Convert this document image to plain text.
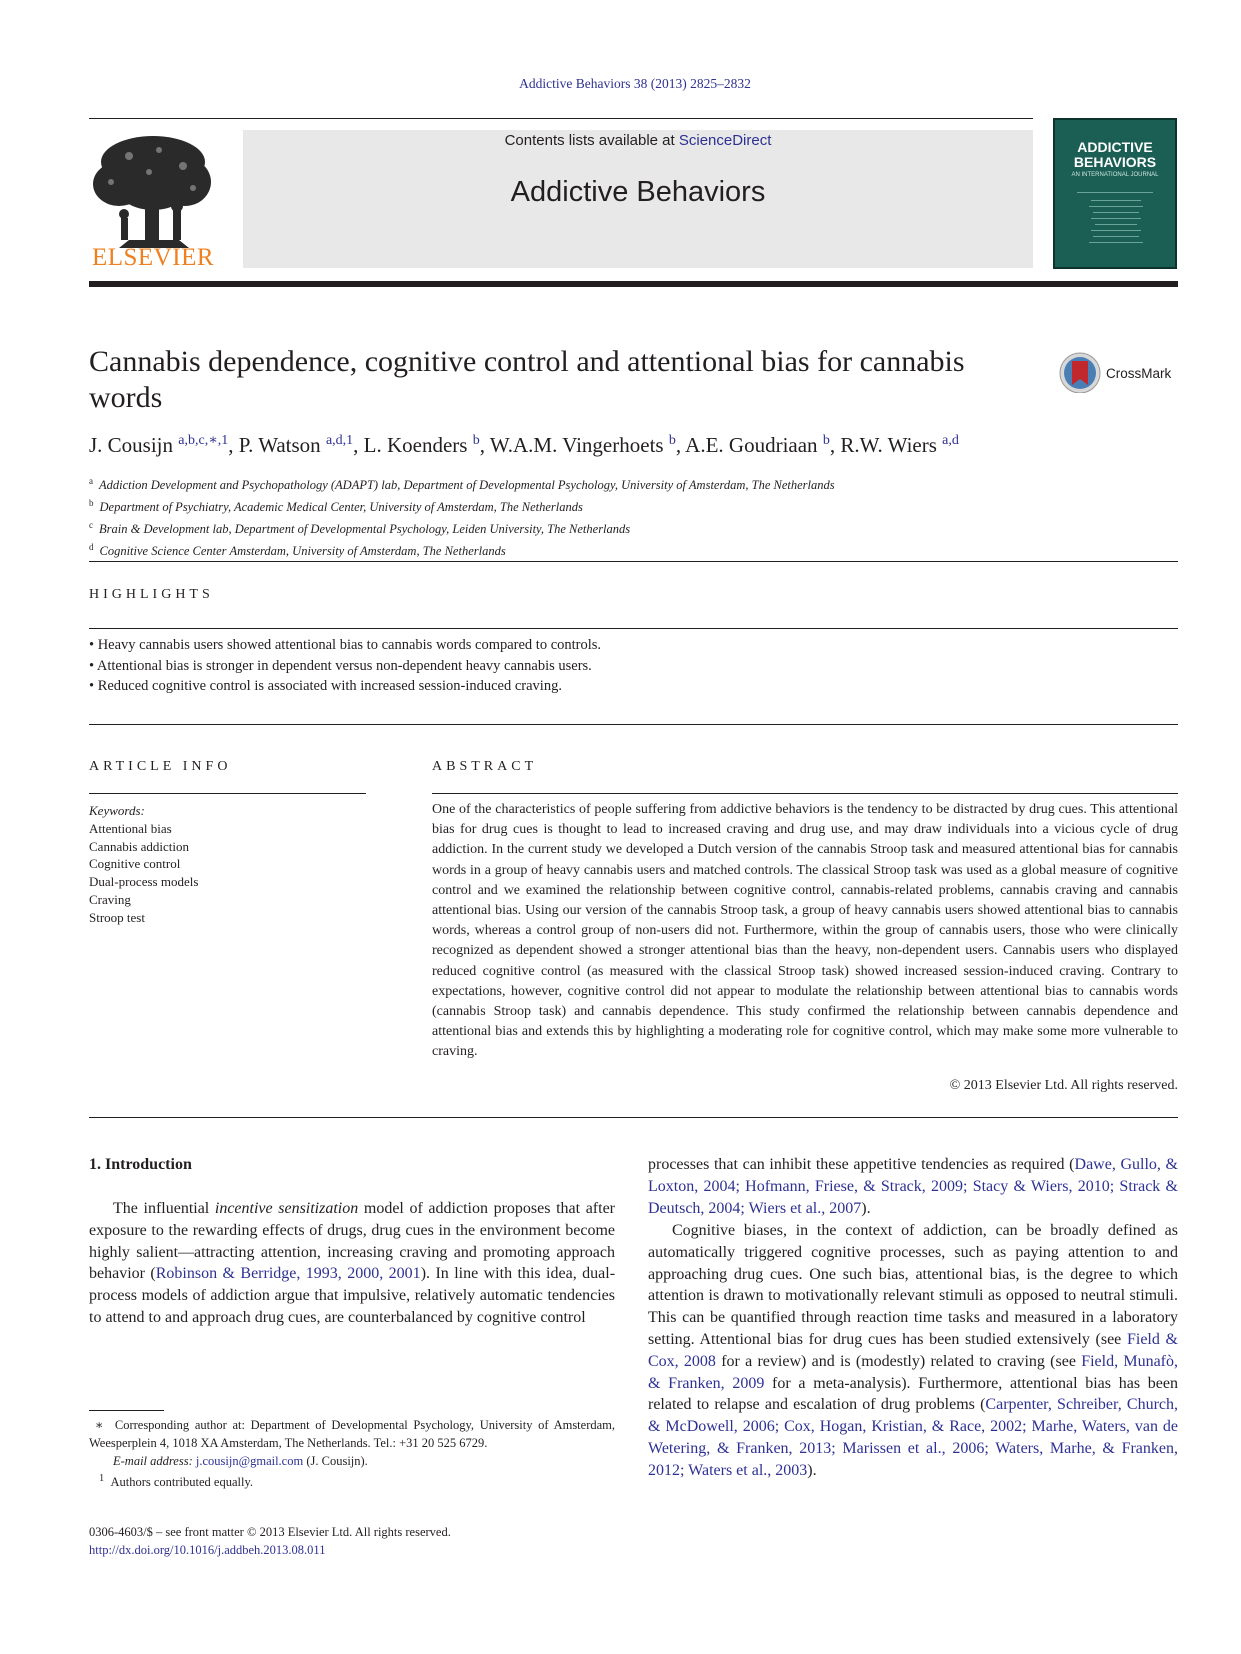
Addictive Behaviors 38 (2013) 2825–2832
ELSEVIER
Contents lists available at ScienceDirect
Addictive Behaviors
ADDICTIVE
BEHAVIORS
AN INTERNATIONAL JOURNAL
Cannabis dependence, cognitive control and attentional bias for cannabis words
CrossMark
J. Cousijn $^{a,b,c,∗,1}$, P. Watson $^{a,d,1}$, L. Koenders $^b$, W.A.M. Vingerhoets $^b$, A.E. Goudriaan $^b$, R.W. Wiers $^{a,d}$
$^a$ Addiction Development and Psychopathology (ADAPT) lab, Department of Developmental Psychology, University of Amsterdam, The Netherlands
$^b$ Department of Psychiatry, Academic Medical Center, University of Amsterdam, The Netherlands
$^c$ Brain & Development lab, Department of Developmental Psychology, Leiden University, The Netherlands
$^d$ Cognitive Science Center Amsterdam, University of Amsterdam, The Netherlands
HIGHLIGHTS
• Heavy cannabis users showed attentional bias to cannabis words compared to controls.
• Attentional bias is stronger in dependent versus non-dependent heavy cannabis users.
• Reduced cognitive control is associated with increased session-induced craving.
ARTICLE INFO
Keywords:
Attentional bias
Cannabis addiction
Cognitive control
Dual-process models
Craving
Stroop test
ABSTRACT
One of the characteristics of people suffering from addictive behaviors is the tendency to be distracted by drug cues. This attentional bias for drug cues is thought to lead to increased craving and drug use, and may draw individuals into a vicious cycle of drug addiction. In the current study we developed a Dutch version of the cannabis Stroop task and measured attentional bias for cannabis words in a group of heavy cannabis users and matched controls. The classical Stroop task was used as a global measure of cognitive control and we examined the relationship between cognitive control, cannabis-related problems, cannabis craving and cannabis attentional bias. Using our version of the cannabis Stroop task, a group of heavy cannabis users showed attentional bias to cannabis words, whereas a control group of non-users did not. Furthermore, within the group of cannabis users, those who were clinically recognized as dependent showed a stronger attentional bias than the heavy, non-dependent users. Cannabis users who displayed reduced cognitive control (as measured with the classical Stroop task) showed increased session-induced craving. Contrary to expectations, however, cognitive control did not appear to modulate the relationship between attentional bias to cannabis words (cannabis Stroop task) and cannabis dependence. This study confirmed the relationship between cannabis dependence and attentional bias and extends this by highlighting a moderating role for cognitive control, which may make some more vulnerable to craving.
© 2013 Elsevier Ltd. All rights reserved.
1. Introduction
The influential incentive sensitization model of addiction proposes that after exposure to the rewarding effects of drugs, drug cues in the environment become highly salient—attracting attention, increasing craving and promoting approach behavior (Robinson & Berridge, 1993, 2000, 2001). In line with this idea, dual-process models of addiction argue that impulsive, relatively automatic tendencies to attend to and approach drug cues, are counterbalanced by cognitive control
processes that can inhibit these appetitive tendencies as required (Dawe, Gullo, & Loxton, 2004; Hofmann, Friese, & Strack, 2009; Stacy & Wiers, 2010; Strack & Deutsch, 2004; Wiers et al., 2007).
Cognitive biases, in the context of addiction, can be broadly defined as automatically triggered cognitive processes, such as paying attention to and approaching drug cues. One such bias, attentional bias, is the degree to which attention is drawn to motivationally relevant stimuli as opposed to neutral stimuli. This can be quantified through reaction time tasks and measured in a laboratory setting. Attentional bias for drug cues has been studied extensively (see Field & Cox, 2008 for a review) and is (modestly) related to craving (see Field, Munafò, & Franken, 2009 for a meta-analysis). Furthermore, attentional bias has been related to relapse and escalation of drug problems (Carpenter, Schreiber, Church, & McDowell, 2006; Cox, Hogan, Kristian, & Race, 2002; Marhe, Waters, van de Wetering, & Franken, 2013; Marissen et al., 2006; Waters, Marhe, & Franken, 2012; Waters et al., 2003).
∗ Corresponding author at: Department of Developmental Psychology, University of Amsterdam, Weesperplein 4, 1018 XA Amsterdam, The Netherlands. Tel.: +31 20 525 6729.
E-mail address: j.cousijn@gmail.com (J. Cousijn).
$^1$ Authors contributed equally.
0306-4603/$ – see front matter © 2013 Elsevier Ltd. All rights reserved.
http://dx.doi.org/10.1016/j.addbeh.2013.08.011
